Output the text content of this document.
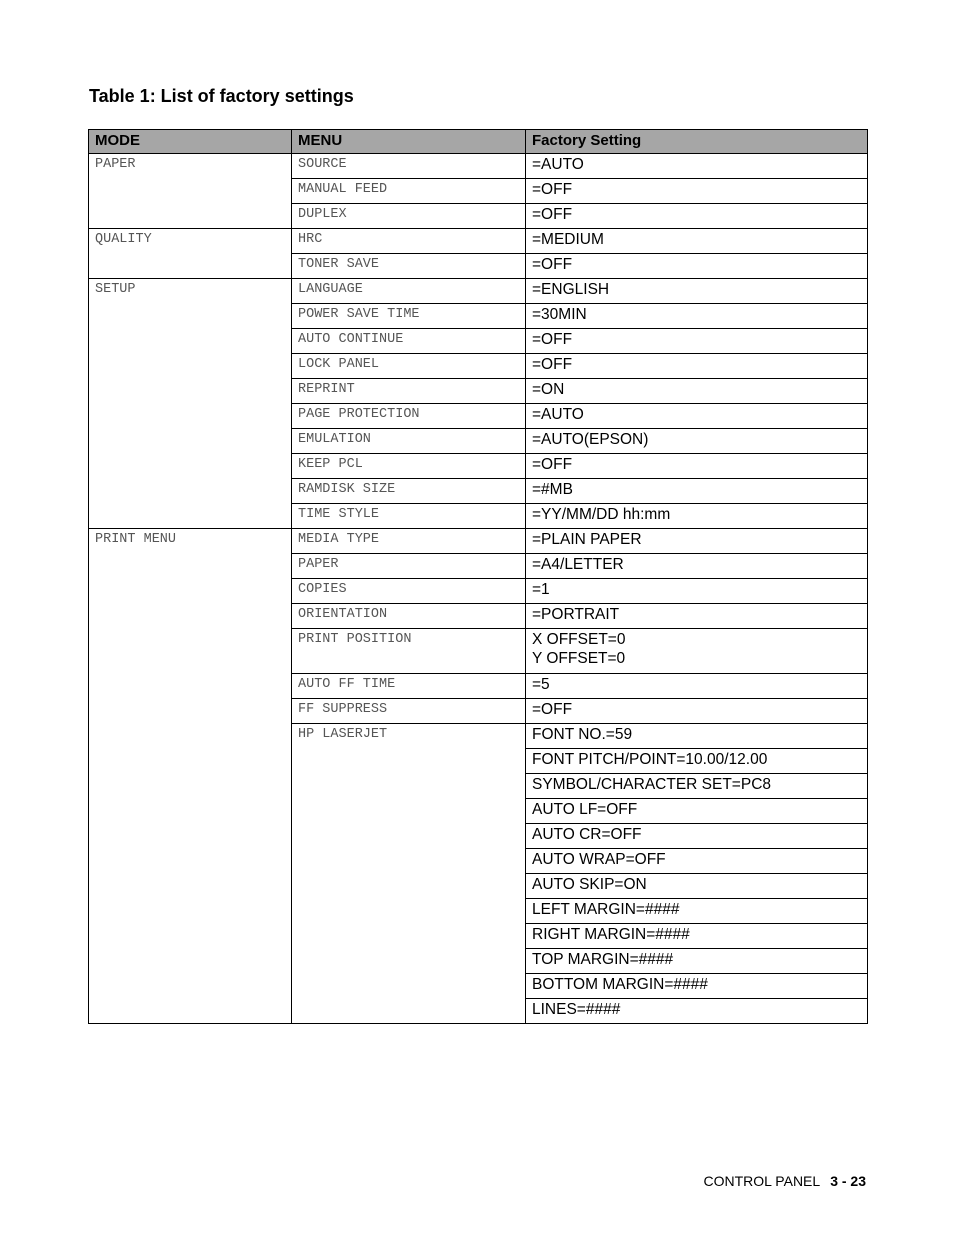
Table 1: List of factory settings
MODE	MENU	Factory Setting
PAPER	SOURCE	=AUTO
	MANUAL FEED	=OFF
	DUPLEX	=OFF
QUALITY	HRC	=MEDIUM
	TONER SAVE	=OFF
SETUP	LANGUAGE	=ENGLISH
	POWER SAVE TIME	=30MIN
	AUTO CONTINUE	=OFF
	LOCK PANEL	=OFF
	REPRINT	=ON
	PAGE PROTECTION	=AUTO
	EMULATION	=AUTO(EPSON)
	KEEP PCL	=OFF
	RAMDISK SIZE	=#MB
	TIME STYLE	=YY/MM/DD hh:mm
PRINT MENU	MEDIA TYPE	=PLAIN PAPER
	PAPER	=A4/LETTER
	COPIES	=1
	ORIENTATION	=PORTRAIT
	PRINT POSITION	X OFFSET=0
Y OFFSET=0

	AUTO FF TIME	=5
	FF SUPPRESS	=OFF
	HP LASERJET	FONT NO.=59
		FONT PITCH/POINT=10.00/12.00
		SYMBOL/CHARACTER SET=PC8
		AUTO LF=OFF
		AUTO CR=OFF
		AUTO WRAP=OFF
		AUTO SKIP=ON
		LEFT MARGIN=####
		RIGHT MARGIN=####
		TOP MARGIN=####
		BOTTOM MARGIN=####
		LINES=####
CONTROL PANEL 3 - 23
